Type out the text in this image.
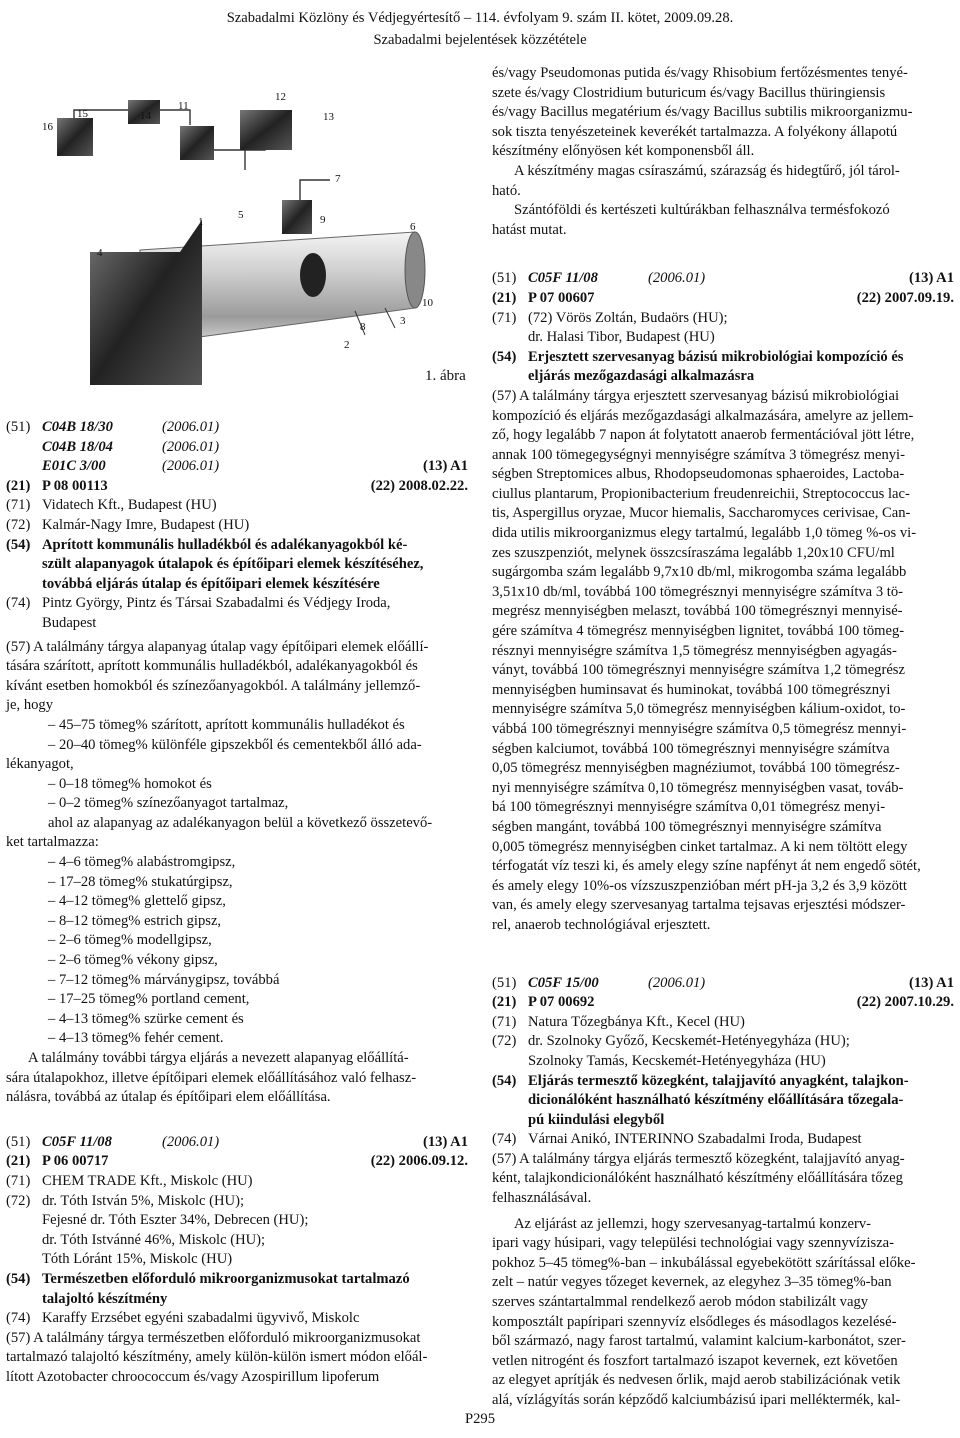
Szabadalmi Közlöny és Védjegyértesítő – 114. évfolyam 9. szám II. kötet, 2009.09.28.
Szabadalmi bejelentések közzététele
16
15	14
11
12
13
7
1
5	9
6
4
8	3
10
2
1. ábra
(51) C04B 18/30	(2006.01)
C04B 18/04	(2006.01)
E01C 3/00	(2006.01)	(13) A1
(21) P 08 00113	(22) 2008.02.22.
(71) Vidatech Kft., Budapest (HU)
(72) Kalmár-Nagy Imre, Budapest (HU)
(54) Aprított kommunális hulladékból és adalékanyagokból ké-
szült alapanyagok útalapok és építőipari elemek készítéséhez,
továbbá eljárás útalap és építőipari elemek készítésére
(74) Pintz György, Pintz és Társai Szabadalmi és Védjegy Iroda,
Budapest
(57) A találmány tárgya alapanyag útalap vagy építőipari elemek előállí-
tására szárított, aprított kommunális hulladékból, adalékanyagokból és
kívánt esetben homokból és színezőanyagokból. A találmány jellemző-
je, hogy

– 45–75 tömeg% szárított, aprított kommunális hulladékot és

– 20–40 tömeg% különféle gipszekből és cementekből álló ada-

lékanyagot,

– 0–18 tömeg% homokot és

– 0–2 tömeg% színezőanyagot tartalmaz,

ahol az alapanyag az adalékanyagon belül a következő összetevő-

ket tartalmazza:

– 4–6 tömeg% alabástromgipsz,

– 17–28 tömeg% stukatúrgipsz,

– 4–12 tömeg% glettelő gipsz,

– 8–12 tömeg% estrich gipsz,

– 2–6 tömeg% modellgipsz,

– 2–6 tömeg% vékony gipsz,

– 7–12 tömeg% márványgipsz, továbbá

– 17–25 tömeg% portland cement,

– 4–13 tömeg% szürke cement és

– 4–13 tömeg% fehér cement.

A találmány további tárgya eljárás a nevezett alapanyag előállítá-
sára útalapokhoz, illetve építőipari elemek előállításához való felhasz-
nálásra, továbbá az útalap és építőipari elem előállítása.
(51) C05F 11/08	(2006.01)	(13) A1
(21) P 06 00717	(22) 2006.09.12.
(71) CHEM TRADE Kft., Miskolc (HU)
(72) dr. Tóth István 5%, Miskolc (HU);
Fejesné dr. Tóth Eszter 34%, Debrecen (HU);
dr. Tóth Istvánné 46%, Miskolc (HU);
Tóth Lóránt 15%, Miskolc (HU)
(54) Természetben előforduló mikroorganizmusokat tartalmazó
talajoltó készítmény
(74) Karaffy Erzsébet egyéni szabadalmi ügyvivő, Miskolc
(57) A találmány tárgya természetben előforduló mikroorganizmusokat
tartalmazó talajoltó készítmény, amely külön-külön ismert módon előál-
lított Azotobacter chroococcum és/vagy Azospirillum lipoferum
és/vagy Pseudomonas putida és/vagy Rhisobium fertőzésmentes tenyé-
szete és/vagy Clostridium buturicum és/vagy Bacillus thüringiensis
és/vagy Bacillus megatérium és/vagy Bacillus subtilis mikroorganizmu-
sok tiszta tenyészeteinek keverékét tartalmazza. A folyékony állapotú
készítmény előnyösen két komponensből áll.
A készítmény magas csíraszámú, szárazság és hidegtűrő, jól tárol-
ható.
Szántóföldi és kertészeti kultúrákban felhasználva termésfokozó
hatást mutat.
(51) C05F 11/08	(2006.01)	(13) A1
(21) P 07 00607	(22) 2007.09.19.
(71) (72) Vörös Zoltán, Budaörs (HU);
dr. Halasi Tibor, Budapest (HU)
(54) Erjesztett szervesanyag bázisú mikrobiológiai kompozíció és
eljárás mezőgazdasági alkalmazásra
(57) A találmány tárgya erjesztett szervesanyag bázisú mikrobiológiai
kompozíció és eljárás mezőgazdasági alkalmazására, amelyre az jellem-
ző, hogy legalább 7 napon át folytatott anaerob fermentációval jött létre,
annak 100 tömegegységnyi mennyiségre számítva 3 tömegrész menyi-
ségben Streptomices albus, Rhodopseudomonas sphaeroides, Lactoba-
ciullus plantarum, Propionibacterium freudenreichii, Streptococcus lac-
tis, Aspergillus oryzae, Mucor hiemalis, Saccharomyces cerivisae, Can-
dida utilis mikroorganizmus elegy tartalmú, legalább 1,0 tömeg %-os vi-
zes szuszpenziót, melynek összcsíraszáma legalább 1,20x10 CFU/ml
sugárgomba szám legalább 9,7x10 db/ml, mikrogomba száma legalább
3,51x10 db/ml, továbbá 100 tömegrésznyi mennyiségre számítva 3 tö-
megrész mennyiségben melaszt, továbbá 100 tömegrésznyi mennyisé-
gére számítva 4 tömegrész mennyiségben lignitet, továbbá 100 tömeg-
résznyi mennyiségre számítva 1,5 tömegrész mennyiségben agyagás-
ványt, továbbá 100 tömegrésznyi mennyiségre számítva 1,2 tömegrész
mennyiségben huminsavat és huminokat, továbbá 100 tömegrésznyi
mennyiségre számítva 5,0 tömegrész mennyiségben kálium-oxidot, to-
vábbá 100 tömegrésznyi mennyiségre számítva 0,5 tömegrész mennyi-
ségben kalciumot, továbbá 100 tömegrésznyi mennyiségre számítva
0,05 tömegrész mennyiségben magnéziumot, továbbá 100 tömegrész-
nyi mennyiségre számítva 0,10 tömegrész mennyiségben vasat, továb-
bá 100 tömegrésznyi mennyiségre számítva 0,01 tömegrész menyi-
ségben mangánt, továbbá 100 tömegrésznyi mennyiségre számítva
0,005 tömegrész mennyiségben cinket tartalmaz. A ki nem töltött elegy
térfogatát víz teszi ki, és amely elegy színe napfényt át nem engedő sötét,
és amely elegy 10%-os vízszuszpenzióban mért pH-ja 3,2 és 3,9 között
van, és amely elegy szervesanyag tartalma tejsavas erjesztési módszer-
rel, anaerob technológiával erjesztett.
(51) C05F 15/00	(2006.01)	(13) A1
(21) P 07 00692	(22) 2007.10.29.
(71) Natura Tőzegbánya Kft., Kecel (HU)
(72) dr. Szolnoky Győző, Kecskemét-Hetényegyháza (HU);
Szolnoky Tamás, Kecskemét-Hetényegyháza (HU)
(54) Eljárás termesztő közegként, talajjavító anyagként, talajkon-
dicionálóként használható készítmény előállítására tőzegala-
pú kiindulási elegyből
(74) Várnai Anikó, INTERINNO Szabadalmi Iroda, Budapest
(57) A találmány tárgya eljárás termesztő közegként, talajjavító anyag-
ként, talajkondicionálóként használható készítmény előállítására tőzeg
felhasználásával.
Az eljárást az jellemzi, hogy szervesanyag-tartalmú konzerv-
ipari vagy húsipari, vagy települési technológiai vagy szennyvízisza-
pokhoz 5–45 tömeg%-ban – inkubálással egyebekötött szárítással előke-
zelt – natúr vegyes tőzeget kevernek, az elegyhez 3–35 tömeg%-ban
szerves szántartalmmal rendelkező aerob módon stabilizált vagy
komposztált papíripari szennyvíz elsődleges és másodlagos kezelésé-
ből származó, nagy farost tartalmú, valamint kalcium-karbonátot, szer-
vetlen nitrogént és foszfort tartalmazó iszapot kevernek, ezt követően
az elegyet aprítják és nedvesen őrlik, majd aerob stabilizációnak vetik
alá, vízlágyítás során képződő kalciumbázisú ipari melléktermék, kal-
P295
